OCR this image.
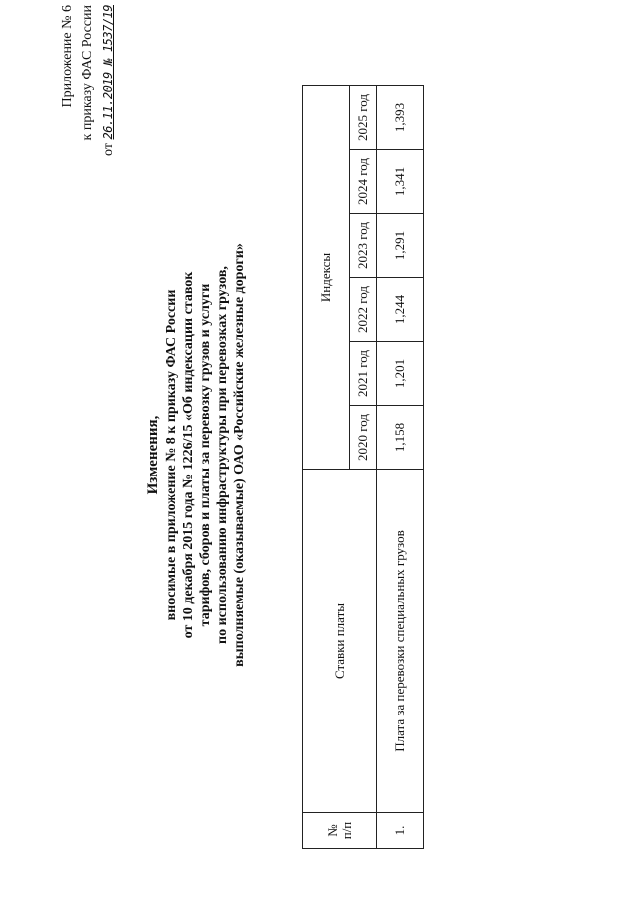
Приложение № 6 к приказу ФАС России
от 26.11.2019 № 1537/19
Изменения, вносимые в приложение № 8 к приказу ФАС России от 10 декабря 2015 года № 1226/15 «Об индексации ставок тарифов, сборов и платы за перевозку грузов и услуги по использованию инфраструктуры при перевозках грузов, выполняемые (оказываемые) ОАО «Российские железные дороги»
№ п/п	Ставки платы	Индексы					
		2020 год	2021 год	2022 год	2023 год	2024 год	2025 год
1.	Плата за перевозки специальных грузов	1,158	1,201	1,244	1,291	1,341	1,393
